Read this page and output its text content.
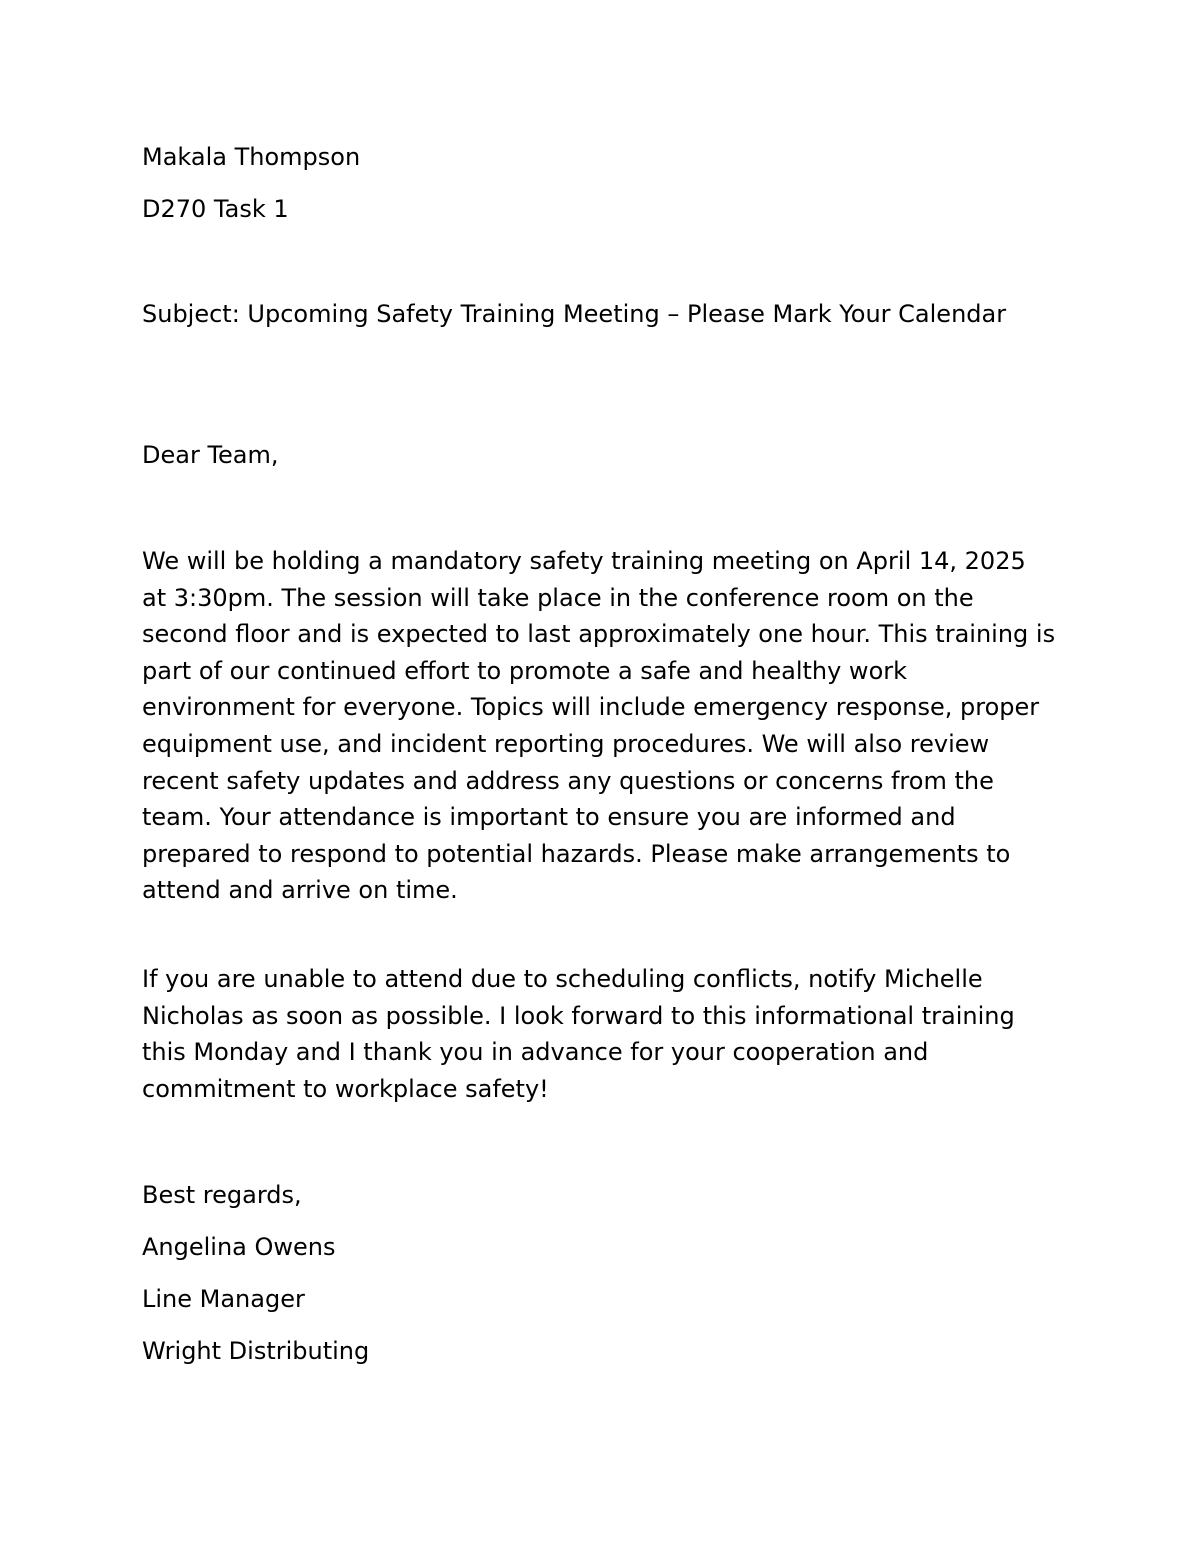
Makala Thompson
D270 Task 1
Subject: Upcoming Safety Training Meeting – Please Mark Your Calendar
Dear Team,
We will be holding a mandatory safety training meeting on April 14, 2025 at 3:30pm. The session will take place in the conference room on the second floor and is expected to last approximately one hour. This training is part of our continued effort to promote a safe and healthy work environment for everyone. Topics will include emergency response, proper equipment use, and incident reporting procedures. We will also review recent safety updates and address any questions or concerns from the team. Your attendance is important to ensure you are informed and prepared to respond to potential hazards. Please make arrangements to attend and arrive on time.
If you are unable to attend due to scheduling conflicts, notify Michelle Nicholas as soon as possible. I look forward to this informational training this Monday and I thank you in advance for your cooperation and commitment to workplace safety!
Best regards,
Angelina Owens
Line Manager
Wright Distributing
